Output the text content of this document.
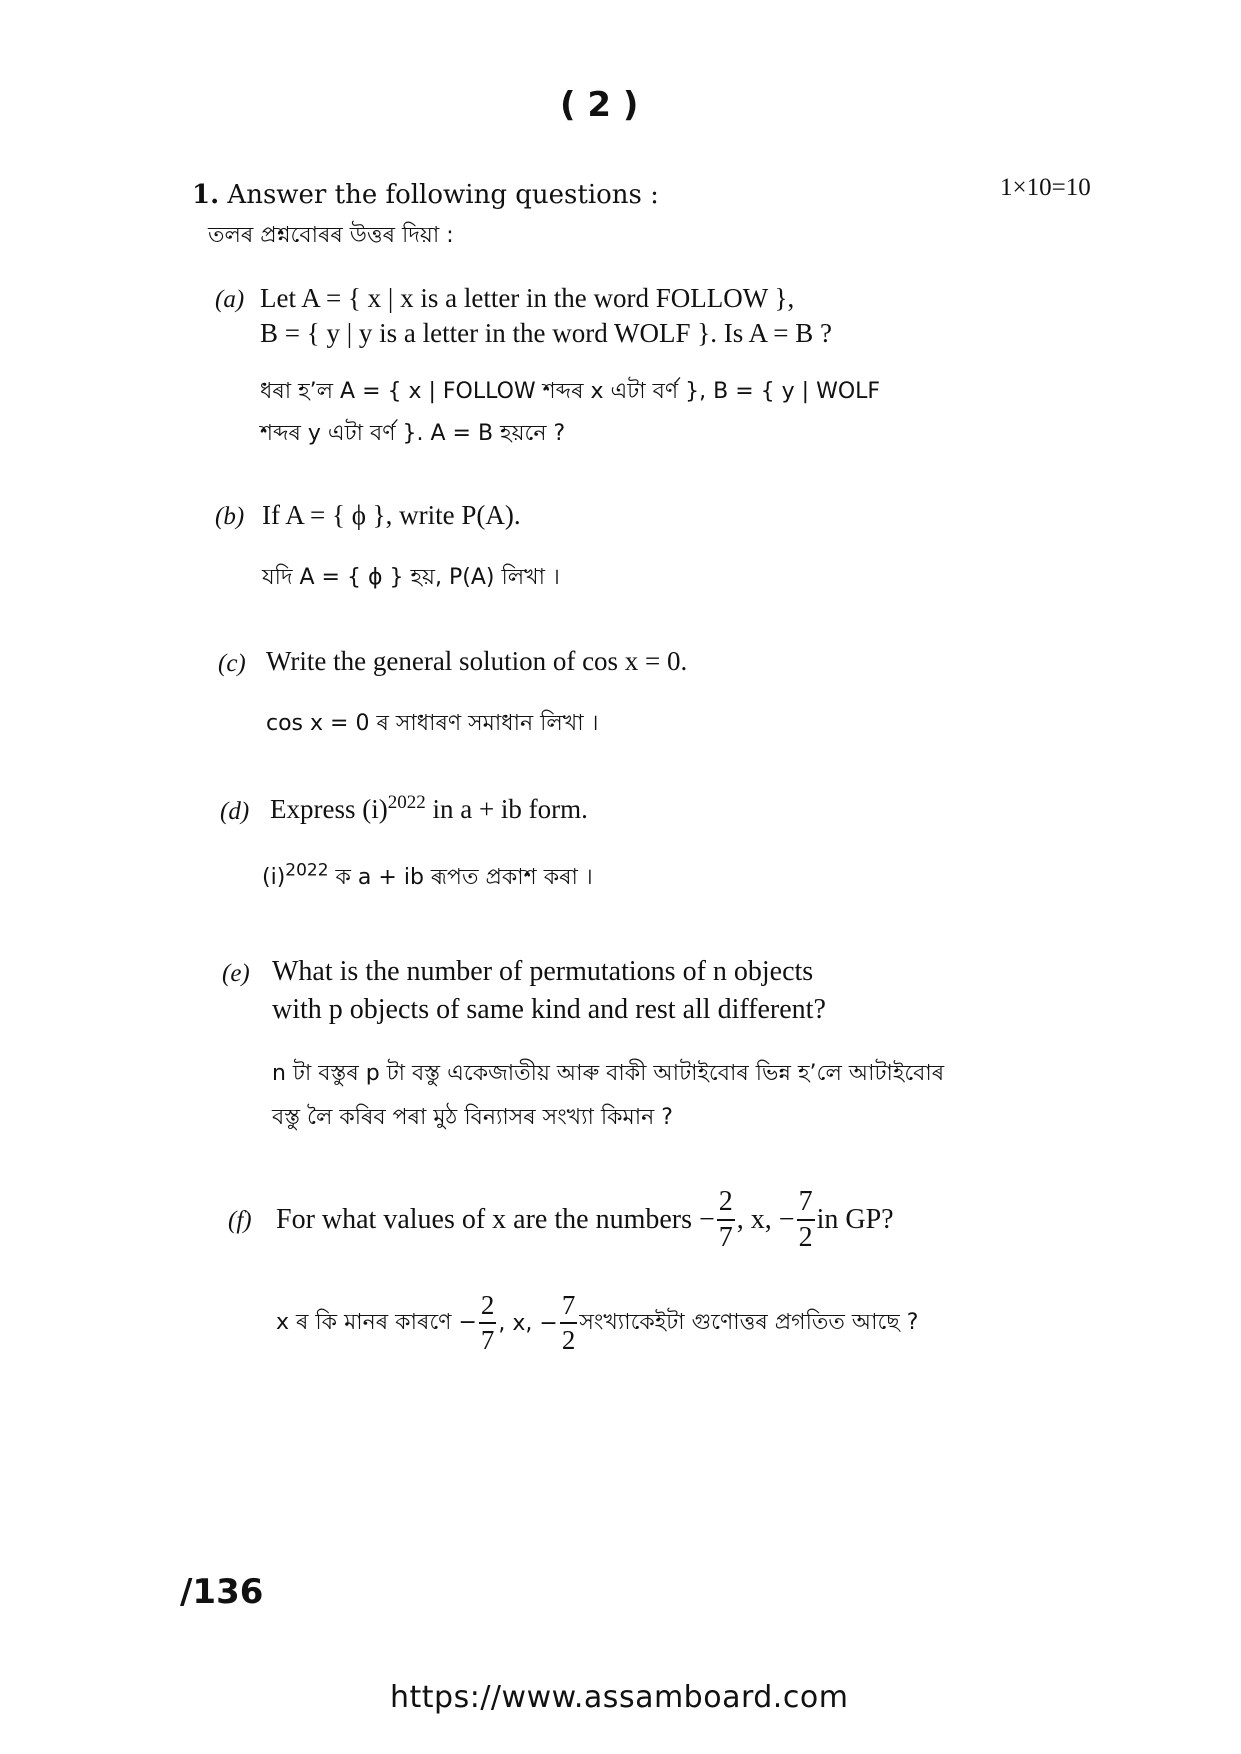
( 2 )
1. Answer the following questions :	1×10=10
তলৰ প্ৰশ্নবোৰৰ উত্তৰ দিয়া :
(a) Let A = { x | x is a letter in the word FOLLOW },
B = { y | y is a letter in the word WOLF }. Is A = B ?
ধৰা হ’ল A = { x | FOLLOW শব্দৰ x এটা বৰ্ণ }, B = { y | WOLF
শব্দৰ y এটা বৰ্ণ }. A = B হয়নে ?
(b) If A = { ϕ }, write P(A).
যদি A = { ϕ } হয়, P(A) লিখা ।
(c) Write the general solution of cos x = 0.
cos x = 0 ৰ সাধাৰণ সমাধান লিখা ।
(d) Express $(i)^{2022}$ in a + ib form.
$(i)^{2022}$ ক a + ib ৰূপত প্ৰকাশ কৰা ।
(e) What is the number of permutations of n objects
with p objects of same kind and rest all different?
n টা বস্তুৰ p টা বস্তু একেজাতীয় আৰু বাকী আটাইবোৰ ভিন্ন হ’লে আটাইবোৰ
বস্তু লৈ কৰিব পৰা মুঠ বিন্যাসৰ সংখ্যা কিমান ?
(f) For what values of x are the numbers − $\frac{2}{7}$ , x, − $\frac{7}{2}$ in GP?
x ৰ কি মানৰ কাৰণে − $\frac{2}{7}$ , x, − $\frac{7}{2}$ সংখ্যাকেইটা গুণোত্তৰ প্ৰগতিত আছে ?
/136
https://www.assamboard.com
